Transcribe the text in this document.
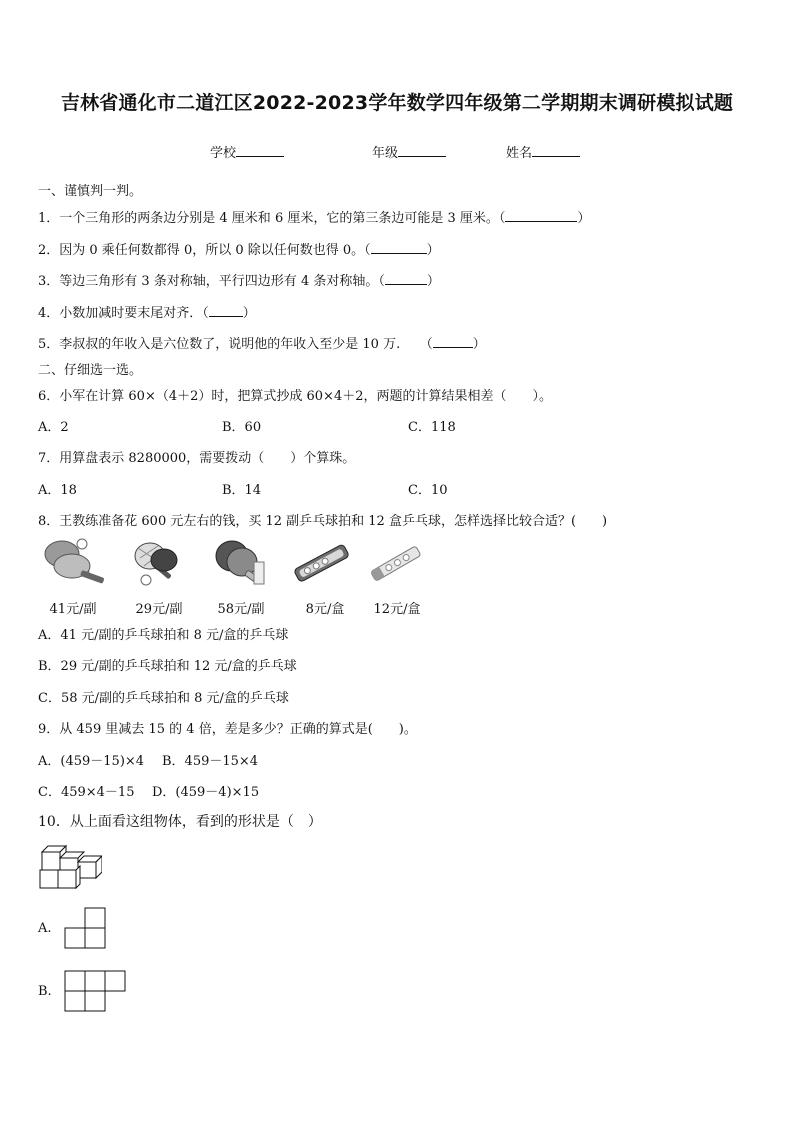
吉林省通化市二道江区2022-2023学年数学四年级第二学期期末调研模拟试题
学校	年级	姓名
一、谨慎判一判。
1．一个三角形的两条边分别是 4 厘米和 6 厘米，它的第三条边可能是 3 厘米。（	）
2．因为 0 乘任何数都得 0，所以 0 除以任何数也得 0。（	）
3．等边三角形有 3 条对称轴，平行四边形有 4 条对称轴。（	）
4．小数加减时要末尾对齐．（	）
5．李叔叔的年收入是六位数了，说明他的年收入至少是 10 万.　　（	）
二、仔细选一选。
6．小军在计算 60×（4＋2）时，把算式抄成 60×4＋2，两题的计算结果相差（　　）。
A．2	B．60	C．118
7．用算盘表示 8280000，需要拨动（　　）个算珠。
A．18	B．14	C．10
8．王教练准备花 600 元左右的钱，买 12 副乒乓球拍和 12 盒乒乓球，怎样选择比较合适？(　　)
41元/副	29元/副	58元/副	8元/盒	12元/盒
A．41 元/副的乒乓球拍和 8 元/盒的乒乓球
B．29 元/副的乒乓球拍和 12 元/盒的乒乓球
C．58 元/副的乒乓球拍和 8 元/盒的乒乓球
9．从 459 里减去 15 的 4 倍，差是多少？正确的算式是(　　)。
A．(459－15)×4 B．459－15×4
C．459×4－15 D．(459－4)×15
10．从上面看这组物体，看到的形状是（　）
A.
B.
